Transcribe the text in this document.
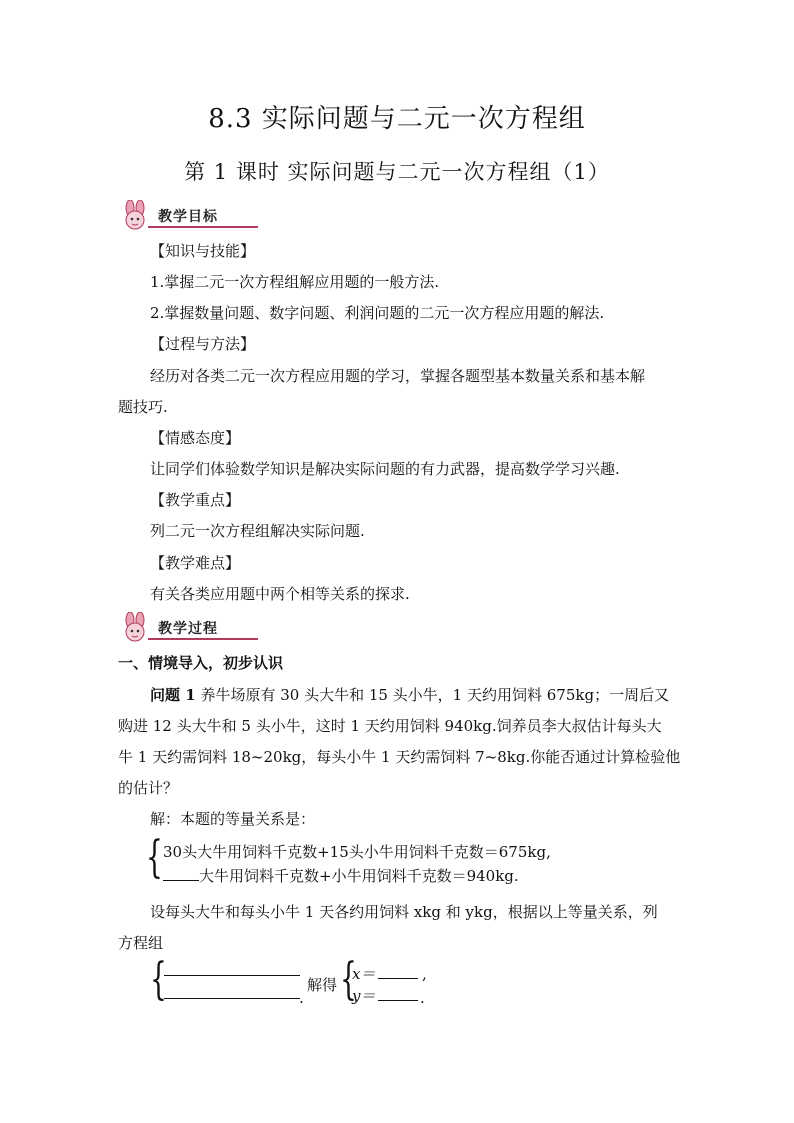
8.3 实际问题与二元一次方程组
第 1 课时 实际问题与二元一次方程组（1）
教学目标
【知识与技能】
1.掌握二元一次方程组解应用题的一般方法.
2.掌握数量问题、数字问题、利润问题的二元一次方程应用题的解法.
【过程与方法】
经历对各类二元一次方程应用题的学习，掌握各题型基本数量关系和基本解
题技巧.
【情感态度】
让同学们体验数学知识是解决实际问题的有力武器，提高数学学习兴趣.
【教学重点】
列二元一次方程组解决实际问题.
【教学难点】
有关各类应用题中两个相等关系的探求.
教学过程
一、情境导入，初步认识
问题 1 养牛场原有 30 头大牛和 15 头小牛，1 天约用饲料 675kg；一周后又
购进 12 头大牛和 5 头小牛，这时 1 天约用饲料 940kg.饲养员李大叔估计每头大
牛 1 天约需饲料 18~20kg，每头小牛 1 天约需饲料 7~8kg.你能否通过计算检验他
的估计？
解：本题的等量关系是：
{ 30头大牛用饲料千克数+15头小牛用饲料千克数＝675kg,
大牛用饲料千克数+小牛用饲料千克数＝940kg.
设每头大牛和每头小牛 1 天各约用饲料 xkg 和 ykg，根据以上等量关系，列
方程组
{	.
解得 {
x＝	,
y＝	.
